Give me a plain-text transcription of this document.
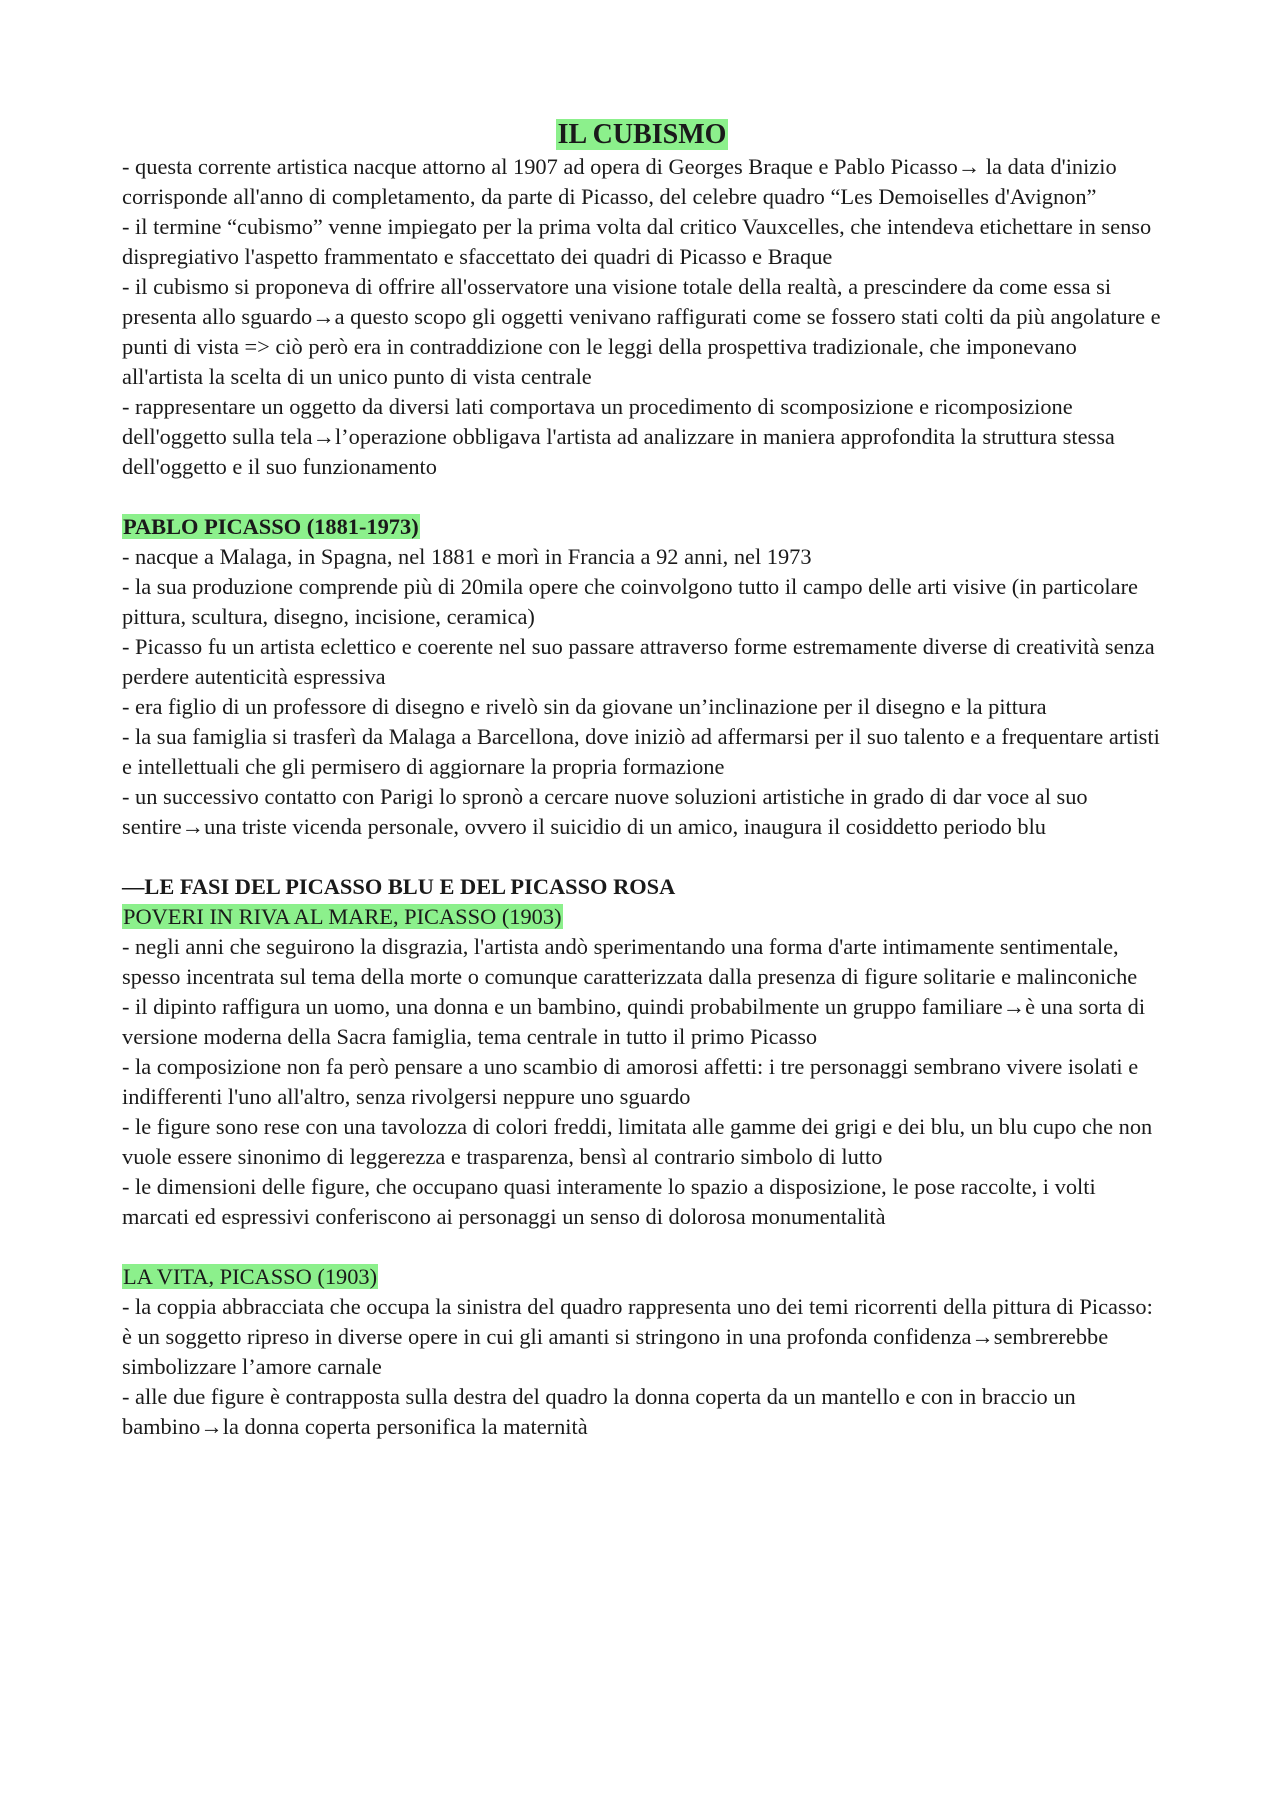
IL CUBISMO

- questa corrente artistica nacque attorno al 1907 ad opera di Georges Braque e Pablo Picasso→ la data d'inizio corrisponde all'anno di completamento, da parte di Picasso, del celebre quadro “Les Demoiselles d'Avignon”

- il termine “cubismo” venne impiegato per la prima volta dal critico Vauxcelles, che intendeva etichettare in senso dispregiativo l'aspetto frammentato e sfaccettato dei quadri di Picasso e Braque

- il cubismo si proponeva di offrire all'osservatore una visione totale della realtà, a prescindere da come essa si presenta allo sguardo→a questo scopo gli oggetti venivano raffigurati come se fossero stati colti da più angolature e punti di vista => ciò però era in contraddizione con le leggi della prospettiva tradizionale, che imponevano all'artista la scelta di un unico punto di vista centrale

- rappresentare un oggetto da diversi lati comportava un procedimento di scomposizione e ricomposizione dell'oggetto sulla tela→l’operazione obbligava l'artista ad analizzare in maniera approfondita la struttura stessa dell'oggetto e il suo funzionamento

PABLO PICASSO (1881-1973)

- nacque a Malaga, in Spagna, nel 1881 e morì in Francia a 92 anni, nel 1973

- la sua produzione comprende più di 20mila opere che coinvolgono tutto il campo delle arti visive (in particolare pittura, scultura, disegno, incisione, ceramica)

- Picasso fu un artista eclettico e coerente nel suo passare attraverso forme estremamente diverse di creatività senza perdere autenticità espressiva

- era figlio di un professore di disegno e rivelò sin da giovane un’inclinazione per il disegno e la pittura

- la sua famiglia si trasferì da Malaga a Barcellona, dove iniziò ad affermarsi per il suo talento e a frequentare artisti e intellettuali che gli permisero di aggiornare la propria formazione

- un successivo contatto con Parigi lo spronò a cercare nuove soluzioni artistiche in grado di dar voce al suo sentire→una triste vicenda personale, ovvero il suicidio di un amico, inaugura il cosiddetto periodo blu

—LE FASI DEL PICASSO BLU E DEL PICASSO ROSA

POVERI IN RIVA AL MARE, PICASSO (1903)

- negli anni che seguirono la disgrazia, l'artista andò sperimentando una forma d'arte intimamente sentimentale, spesso incentrata sul tema della morte o comunque caratterizzata dalla presenza di figure solitarie e malinconiche

- il dipinto raffigura un uomo, una donna e un bambino, quindi probabilmente un gruppo familiare→è una sorta di versione moderna della Sacra famiglia, tema centrale in tutto il primo Picasso

- la composizione non fa però pensare a uno scambio di amorosi affetti: i tre personaggi sembrano vivere isolati e indifferenti l'uno all'altro, senza rivolgersi neppure uno sguardo

- le figure sono rese con una tavolozza di colori freddi, limitata alle gamme dei grigi e dei blu, un blu cupo che non vuole essere sinonimo di leggerezza e trasparenza, bensì al contrario simbolo di lutto

- le dimensioni delle figure, che occupano quasi interamente lo spazio a disposizione, le pose raccolte, i volti marcati ed espressivi conferiscono ai personaggi un senso di dolorosa monumentalità

LA VITA, PICASSO (1903)

- la coppia abbracciata che occupa la sinistra del quadro rappresenta uno dei temi ricorrenti della pittura di Picasso: è un soggetto ripreso in diverse opere in cui gli amanti si stringono in una profonda confidenza→sembrerebbe simbolizzare l’amore carnale

- alle due figure è contrapposta sulla destra del quadro la donna coperta da un mantello e con in braccio un bambino→la donna coperta personifica la maternità
